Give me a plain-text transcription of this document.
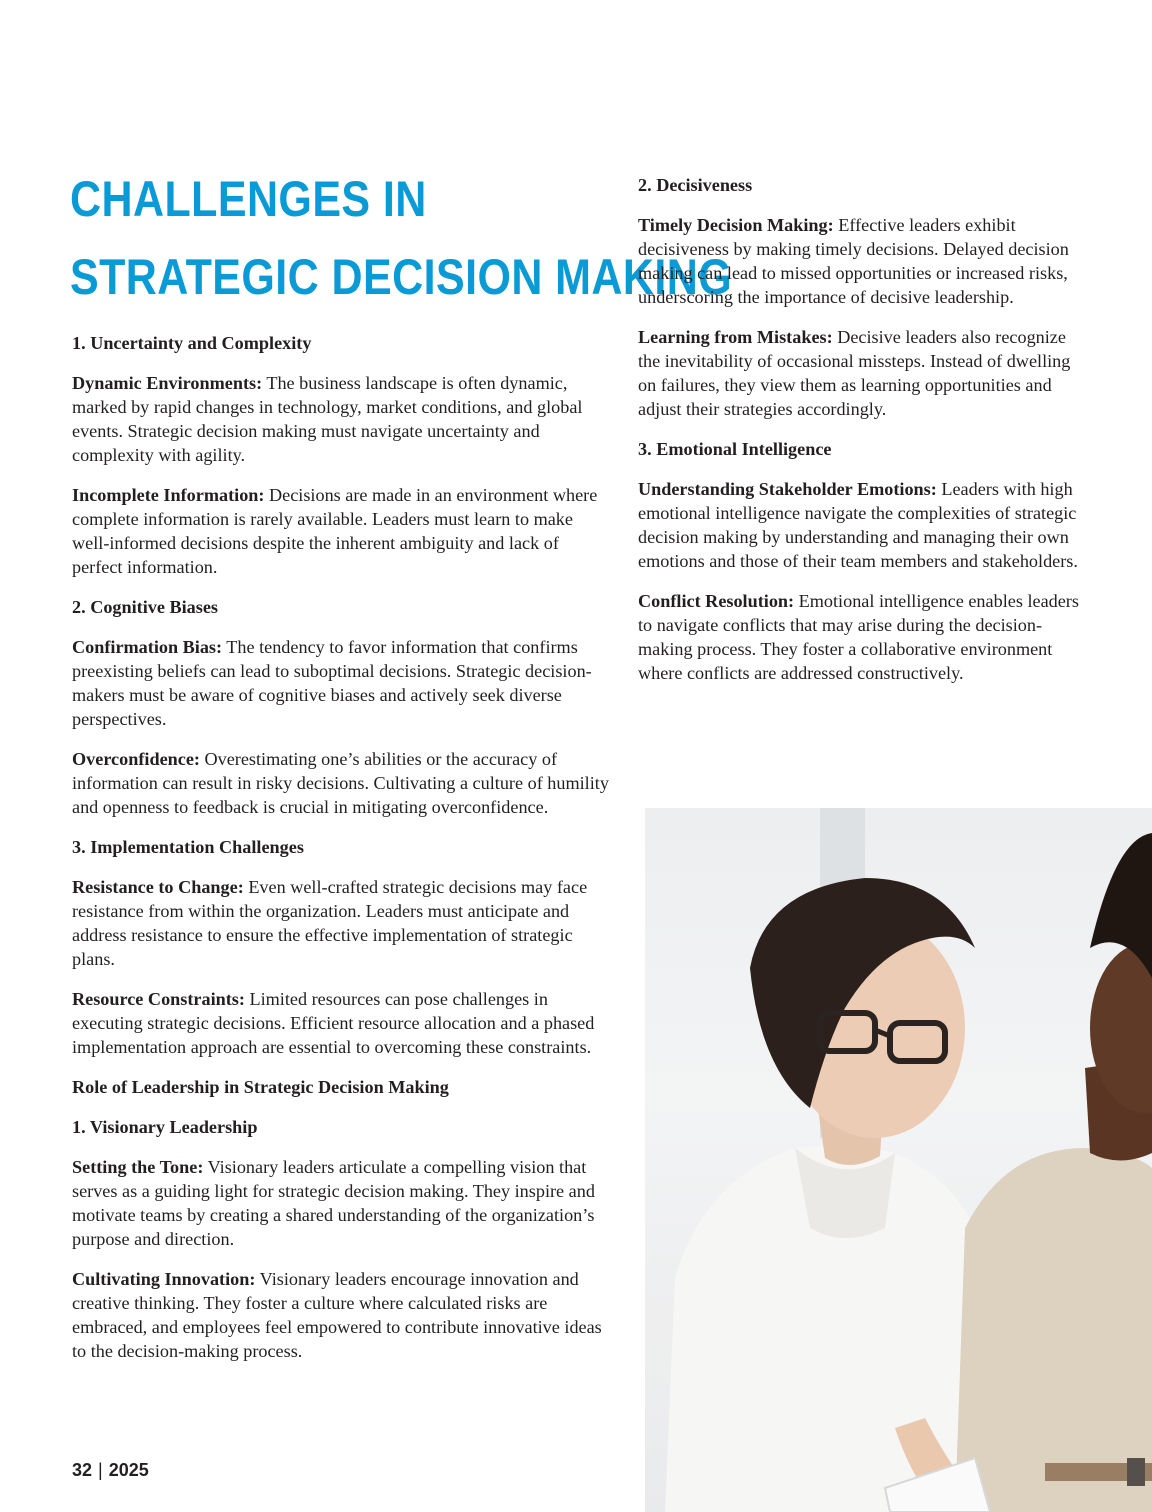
CHALLENGES IN
STRATEGIC DECISION MAKING
1. Uncertainty and Complexity

Dynamic Environments: The business landscape is often dynamic, marked by rapid changes in technology, market conditions, and global events. Strategic decision making must navigate uncertainty and complexity with agility.

Incomplete Information: Decisions are made in an environment where complete information is rarely available. Leaders must learn to make well-informed decisions despite the inherent ambiguity and lack of perfect information.

2. Cognitive Biases

Confirmation Bias: The tendency to favor information that confirms preexisting beliefs can lead to suboptimal decisions. Strategic decision-makers must be aware of cognitive biases and actively seek diverse perspectives.

Overconfidence: Overestimating one’s abilities or the accuracy of information can result in risky decisions. Cultivating a culture of humility and openness to feedback is crucial in mitigating overconfidence.

3. Implementation Challenges

Resistance to Change: Even well-crafted strategic decisions may face resistance from within the organization. Leaders must anticipate and address resistance to ensure the effective implementation of strategic plans.

Resource Constraints: Limited resources can pose challenges in executing strategic decisions. Efficient resource allocation and a phased implementation approach are essential to overcoming these constraints.

Role of Leadership in Strategic Decision Making
1. Visionary Leadership

Setting the Tone: Visionary leaders articulate a compelling vision that serves as a guiding light for strategic decision making. They inspire and motivate teams by creating a shared understanding of the organization’s purpose and direction.

Cultivating Innovation: Visionary leaders encourage innovation and creative thinking. They foster a culture where calculated risks are embraced, and employees feel empowered to contribute innovative ideas to the decision-making process.

2. Decisiveness

Timely Decision Making: Effective leaders exhibit decisiveness by making timely decisions. Delayed decision making can lead to missed opportunities or increased risks, underscoring the importance of decisive leadership.

Learning from Mistakes: Decisive leaders also recognize the inevitability of occasional missteps. Instead of dwelling on failures, they view them as learning opportunities and adjust their strategies accordingly.

3. Emotional Intelligence

Understanding Stakeholder Emotions: Leaders with high emotional intelligence navigate the complexities of strategic decision making by understanding and managing their own emotions and those of their team members and stakeholders.

Conflict Resolution: Emotional intelligence enables leaders to navigate conflicts that may arise during the decision-making process. They foster a collaborative environment where conflicts are addressed constructively.

32 | 2025
